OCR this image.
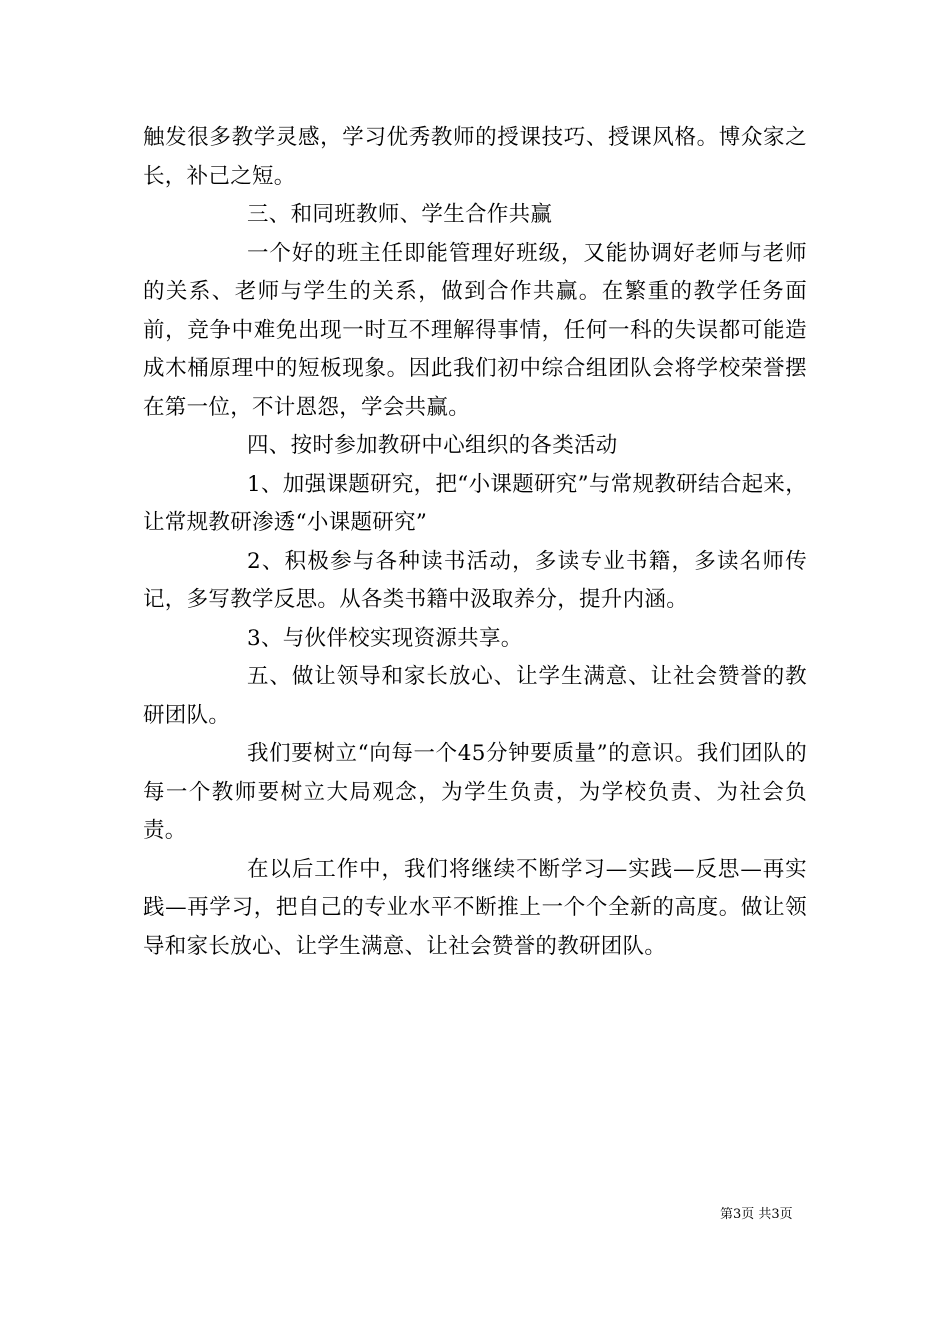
触发很多教学灵感，学习优秀教师的授课技巧、授课风格。博众家之长，补己之短。

三、和同班教师、学生合作共赢

一个好的班主任即能管理好班级，又能协调好老师与老师的关系、老师与学生的关系，做到合作共赢。在繁重的教学任务面前，竞争中难免出现一时互不理解得事情，任何一科的失误都可能造成木桶原理中的短板现象。因此我们初中综合组团队会将学校荣誉摆在第一位，不计恩怨，学会共赢。

四、按时参加教研中心组织的各类活动

1、加强课题研究，把“小课题研究”与常规教研结合起来，让常规教研渗透“小课题研究”

2、积极参与各种读书活动，多读专业书籍，多读名师传记，多写教学反思。从各类书籍中汲取养分，提升内涵。

3、与伙伴校实现资源共享。

五、做让领导和家长放心、让学生满意、让社会赞誉的教研团队。

我们要树立“向每一个45分钟要质量”的意识。我们团队的每一个教师要树立大局观念，为学生负责，为学校负责、为社会负责。

在以后工作中，我们将继续不断学习—实践—反思—再实践—再学习，把自己的专业水平不断推上一个个全新的高度。做让领导和家长放心、让学生满意、让社会赞誉的教研团队。

第3页 共3页
